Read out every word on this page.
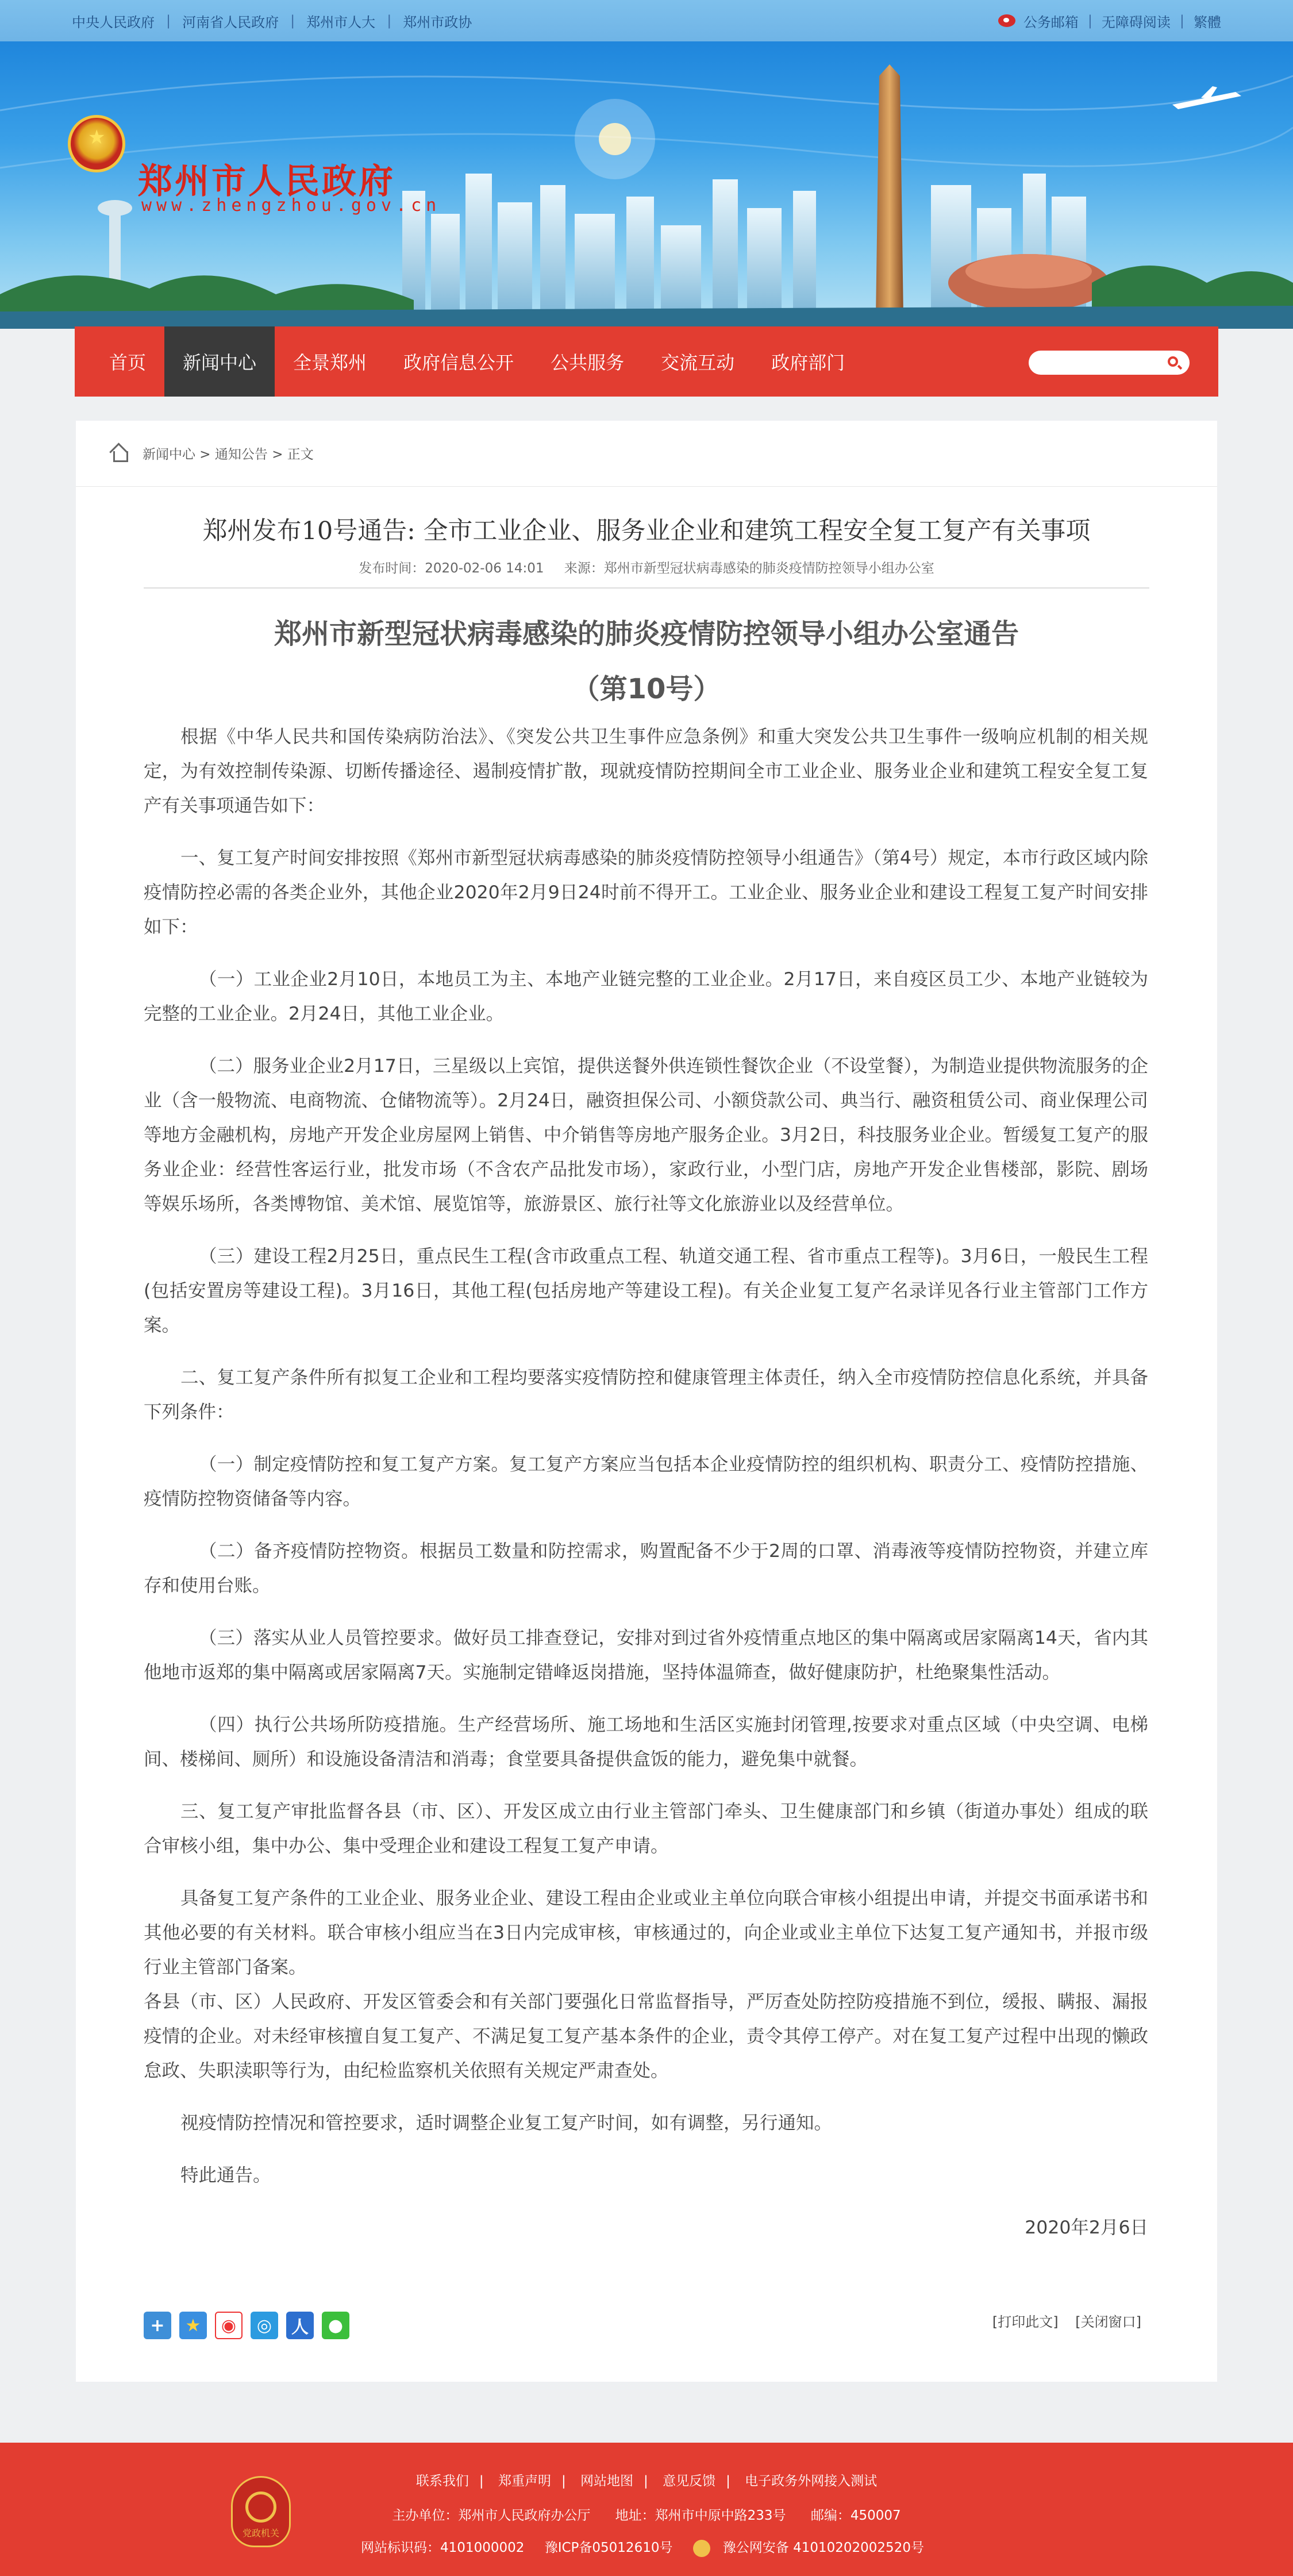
中央人民政府 | 河南省人民政府 | 郑州市人大 | 郑州市政协	公务邮箱 | 无障碍阅读 | 繁體
★
郑州市人民政府
www.zhengzhou.gov.cn
首页	新闻中心	全景郑州	政府信息公开	公共服务	交流互动	政府部门
新闻中心 > 通知公告 > 正文
郑州发布10号通告: 全市工业企业、服务业企业和建筑工程安全复工复产有关事项
发布时间：2020-02-06 14:01 来源：郑州市新型冠状病毒感染的肺炎疫情防控领导小组办公室
郑州市新型冠状病毒感染的肺炎疫情防控领导小组办公室通告
（第10号）

根据《中华人民共和国传染病防治法》、《突发公共卫生事件应急条例》和重大突发公共卫生事件一级响应机制的相关规定，为有效控制传染源、切断传播途径、遏制疫情扩散，现就疫情防控期间全市工业企业、服务业企业和建筑工程安全复工复产有关事项通告如下：

一、复工复产时间安排按照《郑州市新型冠状病毒感染的肺炎疫情防控领导小组通告》（第4号）规定，本市行政区域内除疫情防控必需的各类企业外，其他企业2020年2月9日24时前不得开工。工业企业、服务业企业和建设工程复工复产时间安排如下：

（一）工业企业2月10日，本地员工为主、本地产业链完整的工业企业。2月17日，来自疫区员工少、本地产业链较为完整的工业企业。2月24日，其他工业企业。

（二）服务业企业2月17日，三星级以上宾馆，提供送餐外供连锁性餐饮企业（不设堂餐），为制造业提供物流服务的企业（含一般物流、电商物流、仓储物流等）。2月24日，融资担保公司、小额贷款公司、典当行、融资租赁公司、商业保理公司等地方金融机构，房地产开发企业房屋网上销售、中介销售等房地产服务企业。3月2日，科技服务业企业。暂缓复工复产的服务业企业：经营性客运行业，批发市场（不含农产品批发市场），家政行业，小型门店，房地产开发企业售楼部，影院、剧场等娱乐场所，各类博物馆、美术馆、展览馆等，旅游景区、旅行社等文化旅游业以及经营单位。

（三）建设工程2月25日，重点民生工程(含市政重点工程、轨道交通工程、省市重点工程等)。3月6日，一般民生工程(包括安置房等建设工程)。3月16日，其他工程(包括房地产等建设工程)。有关企业复工复产名录详见各行业主管部门工作方案。

二、复工复产条件所有拟复工企业和工程均要落实疫情防控和健康管理主体责任，纳入全市疫情防控信息化系统，并具备下列条件：

（一）制定疫情防控和复工复产方案。复工复产方案应当包括本企业疫情防控的组织机构、职责分工、疫情防控措施、疫情防控物资储备等内容。

（二）备齐疫情防控物资。根据员工数量和防控需求，购置配备不少于2周的口罩、消毒液等疫情防控物资，并建立库存和使用台账。

（三）落实从业人员管控要求。做好员工排查登记，安排对到过省外疫情重点地区的集中隔离或居家隔离14天，省内其他地市返郑的集中隔离或居家隔离7天。实施制定错峰返岗措施，坚持体温筛查，做好健康防护，杜绝聚集性活动。

（四）执行公共场所防疫措施。生产经营场所、施工场地和生活区实施封闭管理,按要求对重点区域（中央空调、电梯间、楼梯间、厕所）和设施设备清洁和消毒；食堂要具备提供盒饭的能力，避免集中就餐。

三、复工复产审批监督各县（市、区）、开发区成立由行业主管部门牵头、卫生健康部门和乡镇（街道办事处）组成的联合审核小组，集中办公、集中受理企业和建设工程复工复产申请。

具备复工复产条件的工业企业、服务业企业、建设工程由企业或业主单位向联合审核小组提出申请，并提交书面承诺书和其他必要的有关材料。联合审核小组应当在3日内完成审核，审核通过的，向企业或业主单位下达复工复产通知书，并报市级行业主管部门备案。

各县（市、区）人民政府、开发区管委会和有关部门要强化日常监督指导，严厉查处防控防疫措施不到位，缓报、瞒报、漏报疫情的企业。对未经审核擅自复工复产、不满足复工复产基本条件的企业，责令其停工停产。对在复工复产过程中出现的懒政怠政、失职渎职等行为，由纪检监察机关依照有关规定严肃查处。

视疫情防控情况和管控要求，适时调整企业复工复产时间，如有调整，另行通知。

特此通告。

2020年2月6日

+	★	◉	◎	人	●	[打印此文] [关闭窗口]
党政机关
联系我们 | 郑重声明 | 网站地图 | 意见反馈 | 电子政务外网接入测试
主办单位：郑州市人民政府办公厅 地址：郑州市中原中路233号 邮编：450007
网站标识码：4101000002 豫ICP备05012610号	豫公网安备 41010202002520号
